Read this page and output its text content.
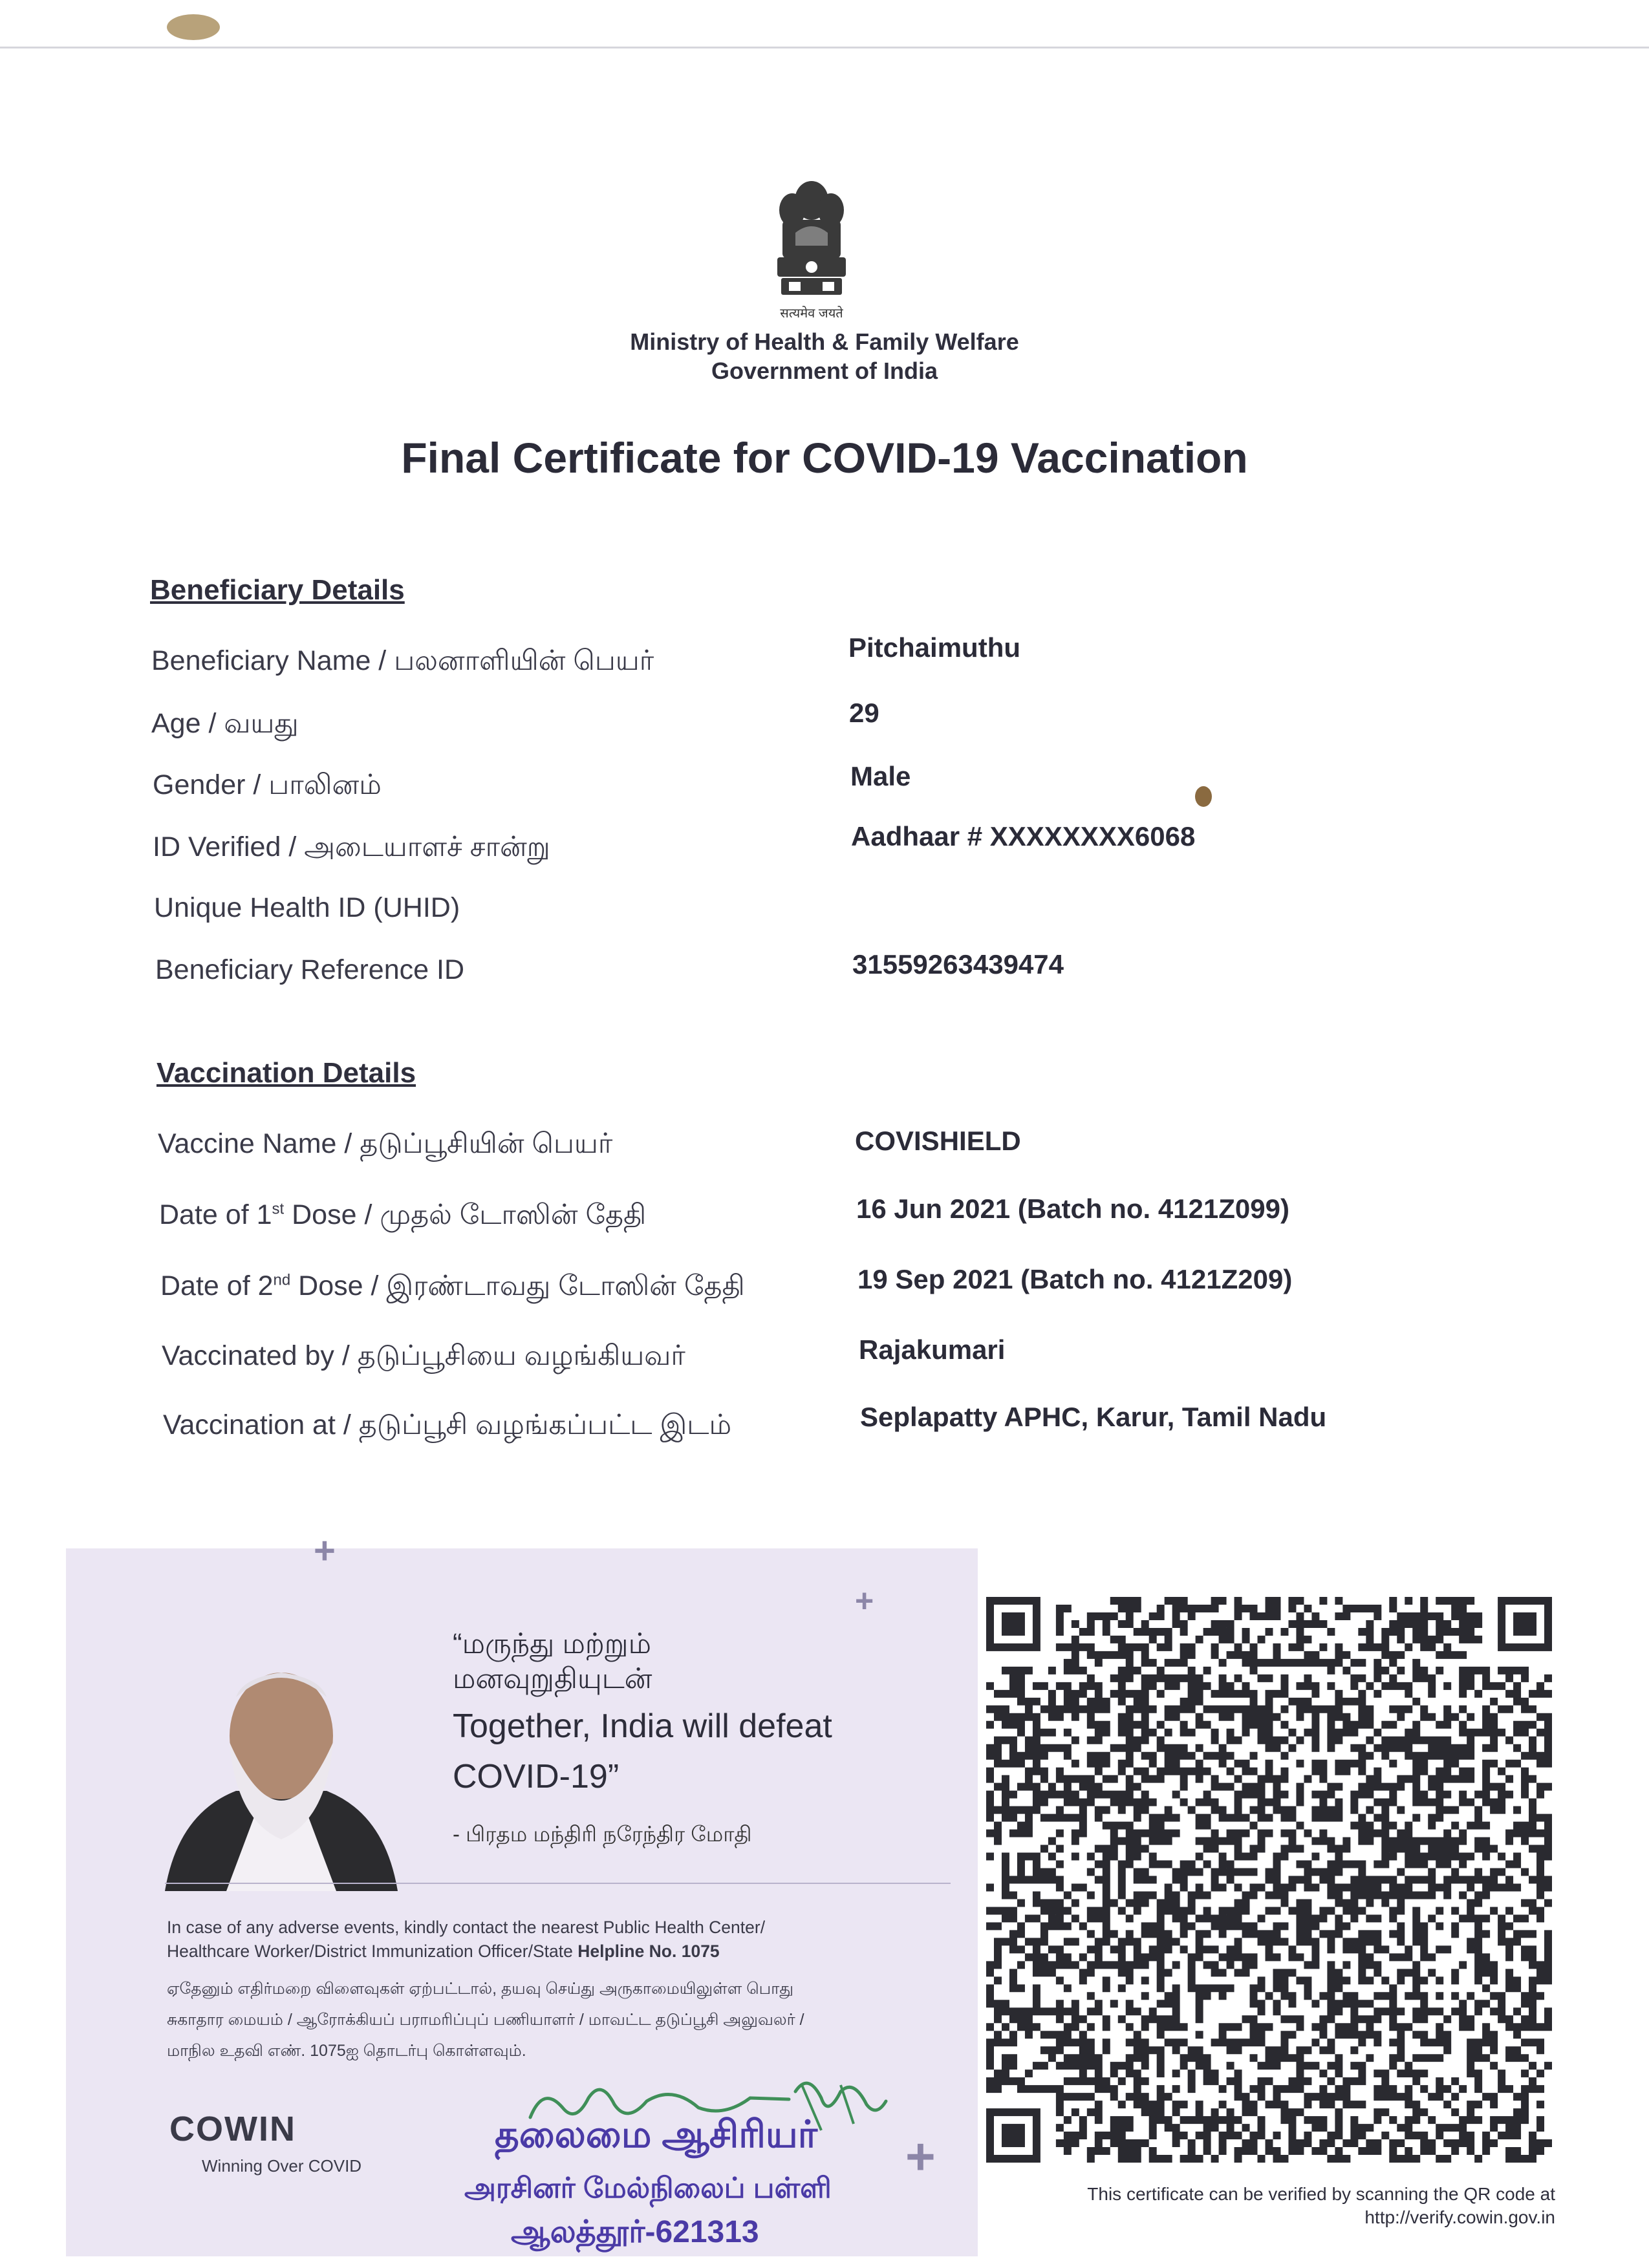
सत्यमेव जयते
Ministry of Health & Family Welfare
Government of India
Final Certificate for COVID-19 Vaccination
Beneficiary Details
Beneficiary Name / பலனாளியின் பெயர்	Pitchaimuthu
Age / வயது	29
Gender / பாலினம்	Male
ID Verified / அடையாளச் சான்று	Aadhaar # XXXXXXXX6068
Unique Health ID (UHID)
Beneficiary Reference ID	31559263439474
Vaccination Details
Vaccine Name / தடுப்பூசியின் பெயர்	COVISHIELD
Date of 1st Dose / முதல் டோஸின் தேதி	16 Jun 2021 (Batch no. 4121Z099)
Date of 2nd Dose / இரண்டாவது டோஸின் தேதி	19 Sep 2021 (Batch no. 4121Z209)
Vaccinated by / தடுப்பூசியை வழங்கியவர்	Rajakumari
Vaccination at / தடுப்பூசி வழங்கப்பட்ட இடம்	Seplapatty APHC, Karur, Tamil Nadu
+
+
+
“மருந்து மற்றும்
மனவுறுதியுடன்
Together, India will defeat
COVID-19”
- பிரதம மந்திரி நரேந்திர மோதி
In case of any adverse events, kindly contact the nearest Public Health Center/
Healthcare Worker/District Immunization Officer/State Helpline No. 1075
ஏதேனும் எதிர்மறை விளைவுகள் ஏற்பட்டால், தயவு செய்து அருகாமையிலுள்ள பொது
சுகாதார மையம் / ஆரோக்கியப் பராமரிப்புப் பணியாளர் / மாவட்ட தடுப்பூசி அலுவலர் /
மாநில உதவி எண். 1075ஐ தொடர்பு கொள்ளவும்.
COWIN
Winning Over COVID
தலைமை ஆசிரியர்
அரசினர் மேல்நிலைப் பள்ளி
ஆலத்தூர்-621313
This certificate can be verified by scanning the QR code at
http://verify.cowin.gov.in
